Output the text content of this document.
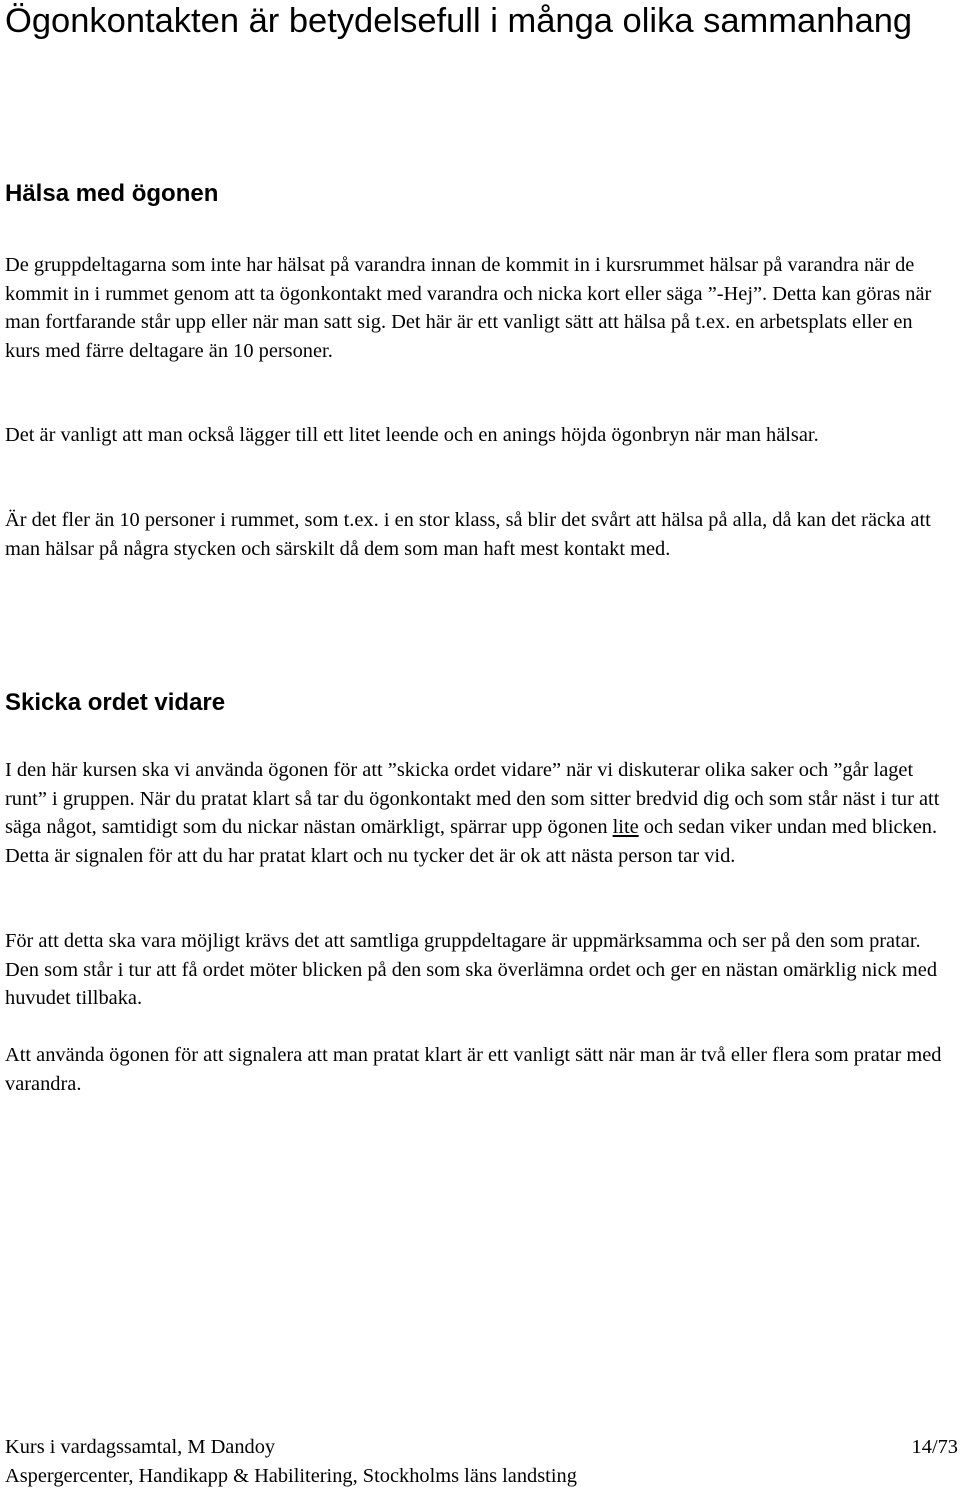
Ögonkontakten är betydelsefull i många olika sammanhang
Hälsa med ögonen

De gruppdeltagarna som inte har hälsat på varandra innan de kommit in i kursrummet hälsar på varandra när de kommit in i rummet genom att ta ögonkontakt med varandra och nicka kort eller säga ”-Hej”. Detta kan göras när man fortfarande står upp eller när man satt sig. Det här är ett vanligt sätt att hälsa på t.ex. en arbetsplats eller en kurs med färre deltagare än 10 personer.

Det är vanligt att man också lägger till ett litet leende och en anings höjda ögonbryn när man hälsar.

Är det fler än 10 personer i rummet, som t.ex. i en stor klass, så blir det svårt att hälsa på alla, då kan det räcka att man hälsar på några stycken och särskilt då dem som man haft mest kontakt med.

Skicka ordet vidare

I den här kursen ska vi använda ögonen för att ”skicka ordet vidare” när vi diskuterar olika saker och ”går laget runt” i gruppen. När du pratat klart så tar du ögonkontakt med den som sitter bredvid dig och som står näst i tur att säga något, samtidigt som du nickar nästan omärkligt, spärrar upp ögonen lite och sedan viker undan med blicken.

Detta är signalen för att du har pratat klart och nu tycker det är ok att nästa person tar vid.

För att detta ska vara möjligt krävs det att samtliga gruppdeltagare är uppmärksamma och ser på den som pratar. Den som står i tur att få ordet möter blicken på den som ska överlämna ordet och ger en nästan omärklig nick med huvudet tillbaka.

Att använda ögonen för att signalera att man pratat klart är ett vanligt sätt när man är två eller flera som pratar med varandra.

Kurs i vardagssamtal, M Dandoy	14/73
Aspergercenter, Handikapp & Habilitering, Stockholms läns landsting
